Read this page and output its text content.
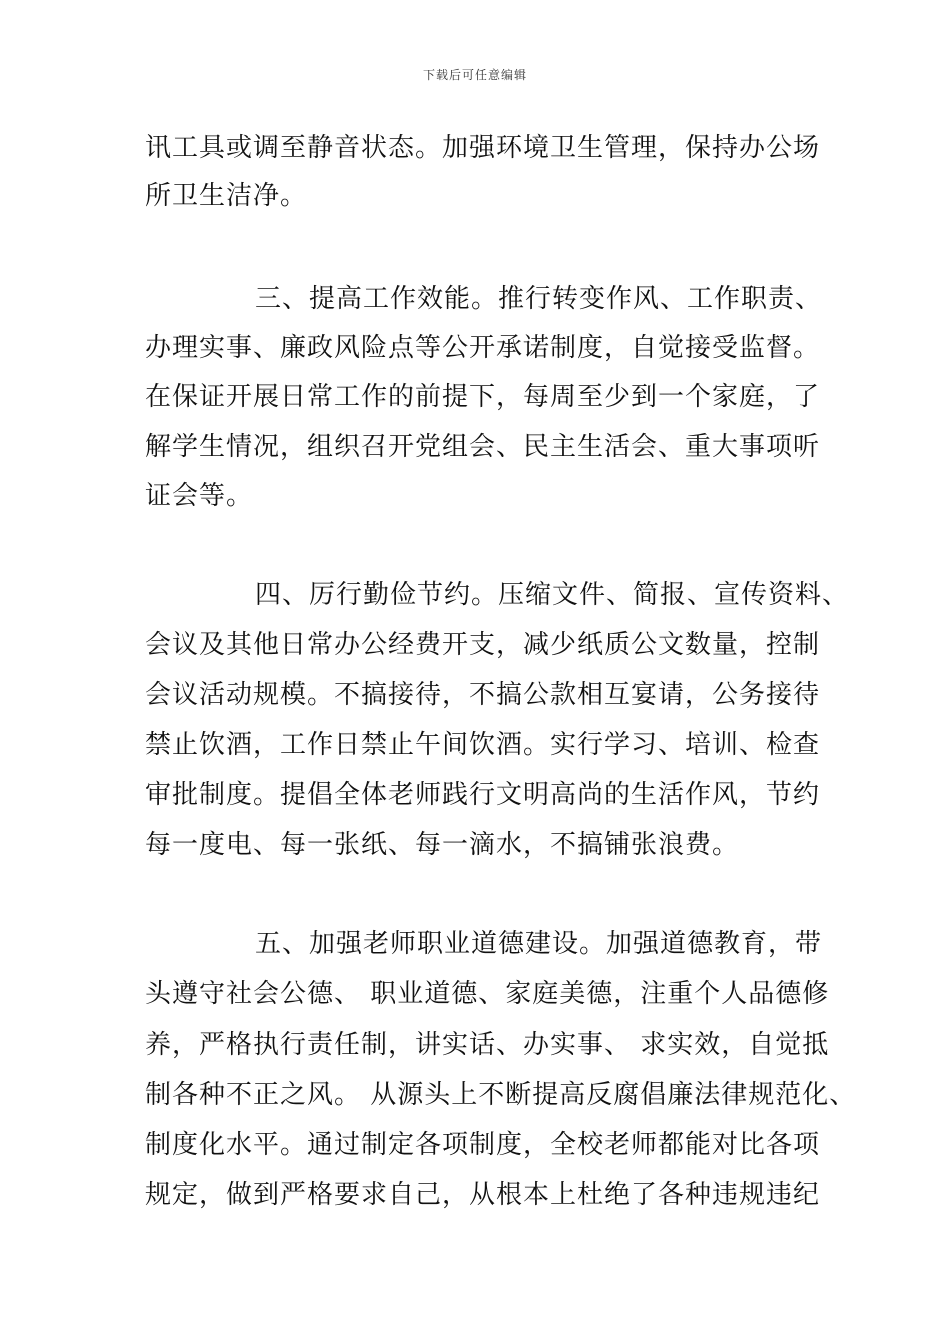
下载后可任意编辑
讯工具或调至静音状态。加强环境卫生管理，保持办公场
所卫生洁净。
三、提高工作效能。推行转变作风、工作职责、
办理实事、廉政风险点等公开承诺制度，自觉接受监督。
在保证开展日常工作的前提下，每周至少到一个家庭，了
解学生情况，组织召开党组会、民主生活会、重大事项听
证会等。
四、厉行勤俭节约。压缩文件、简报、宣传资料、
会议及其他日常办公经费开支，减少纸质公文数量，控制
会议活动规模。不搞接待，不搞公款相互宴请，公务接待
禁止饮酒，工作日禁止午间饮酒。实行学习、培训、检查
审批制度。提倡全体老师践行文明高尚的生活作风，节约
每一度电、每一张纸、每一滴水，不搞铺张浪费。
五、加强老师职业道德建设。加强道德教育，带
头遵守社会公德、 职业道德、家庭美德，注重个人品德修
养，严格执行责任制，讲实话、办实事、 求实效，自觉抵
制各种不正之风。 从源头上不断提高反腐倡廉法律规范化、
制度化水平。通过制定各项制度，全校老师都能对比各项
规定，做到严格要求自己，从根本上杜绝了各种违规违纪
